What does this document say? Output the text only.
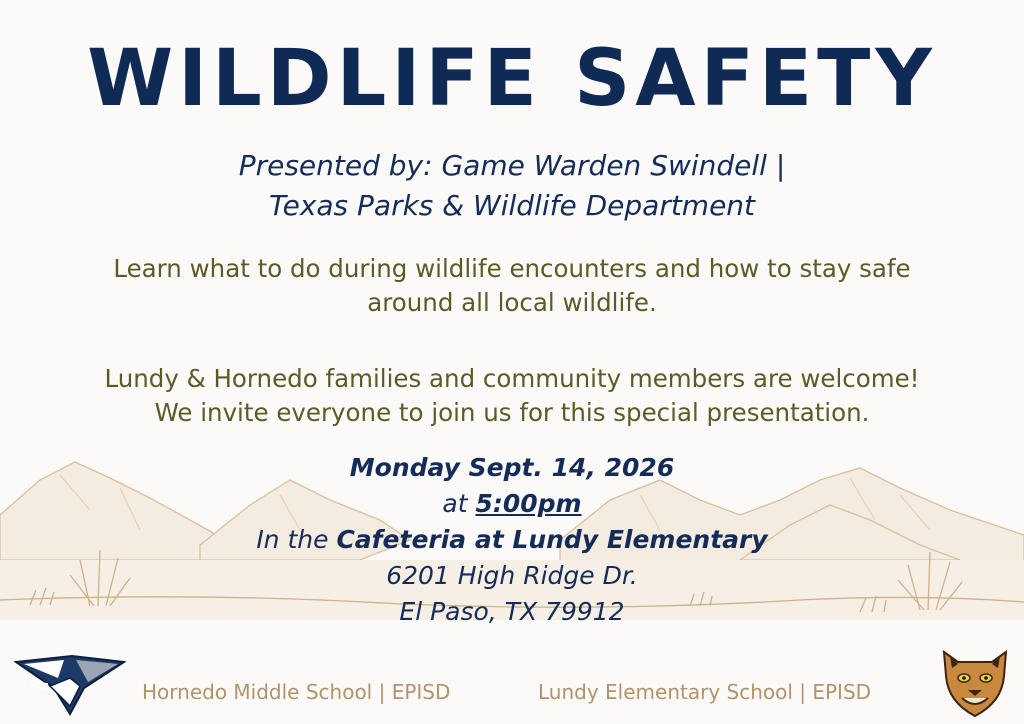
WILDLIFE SAFETY
Presented by: Game Warden Swindell |
Texas Parks & Wildlife Department
Learn what to do during wildlife encounters and how to stay safe
around all local wildlife.
Lundy & Hornedo families and community members are welcome!
We invite everyone to join us for this special presentation.
Monday Sept. 14, 2026
at 5:00pm
In the Cafeteria at Lundy Elementary
6201 High Ridge Dr.
El Paso, TX 79912
Hornedo Middle School | EPISD	Lundy Elementary School | EPISD
